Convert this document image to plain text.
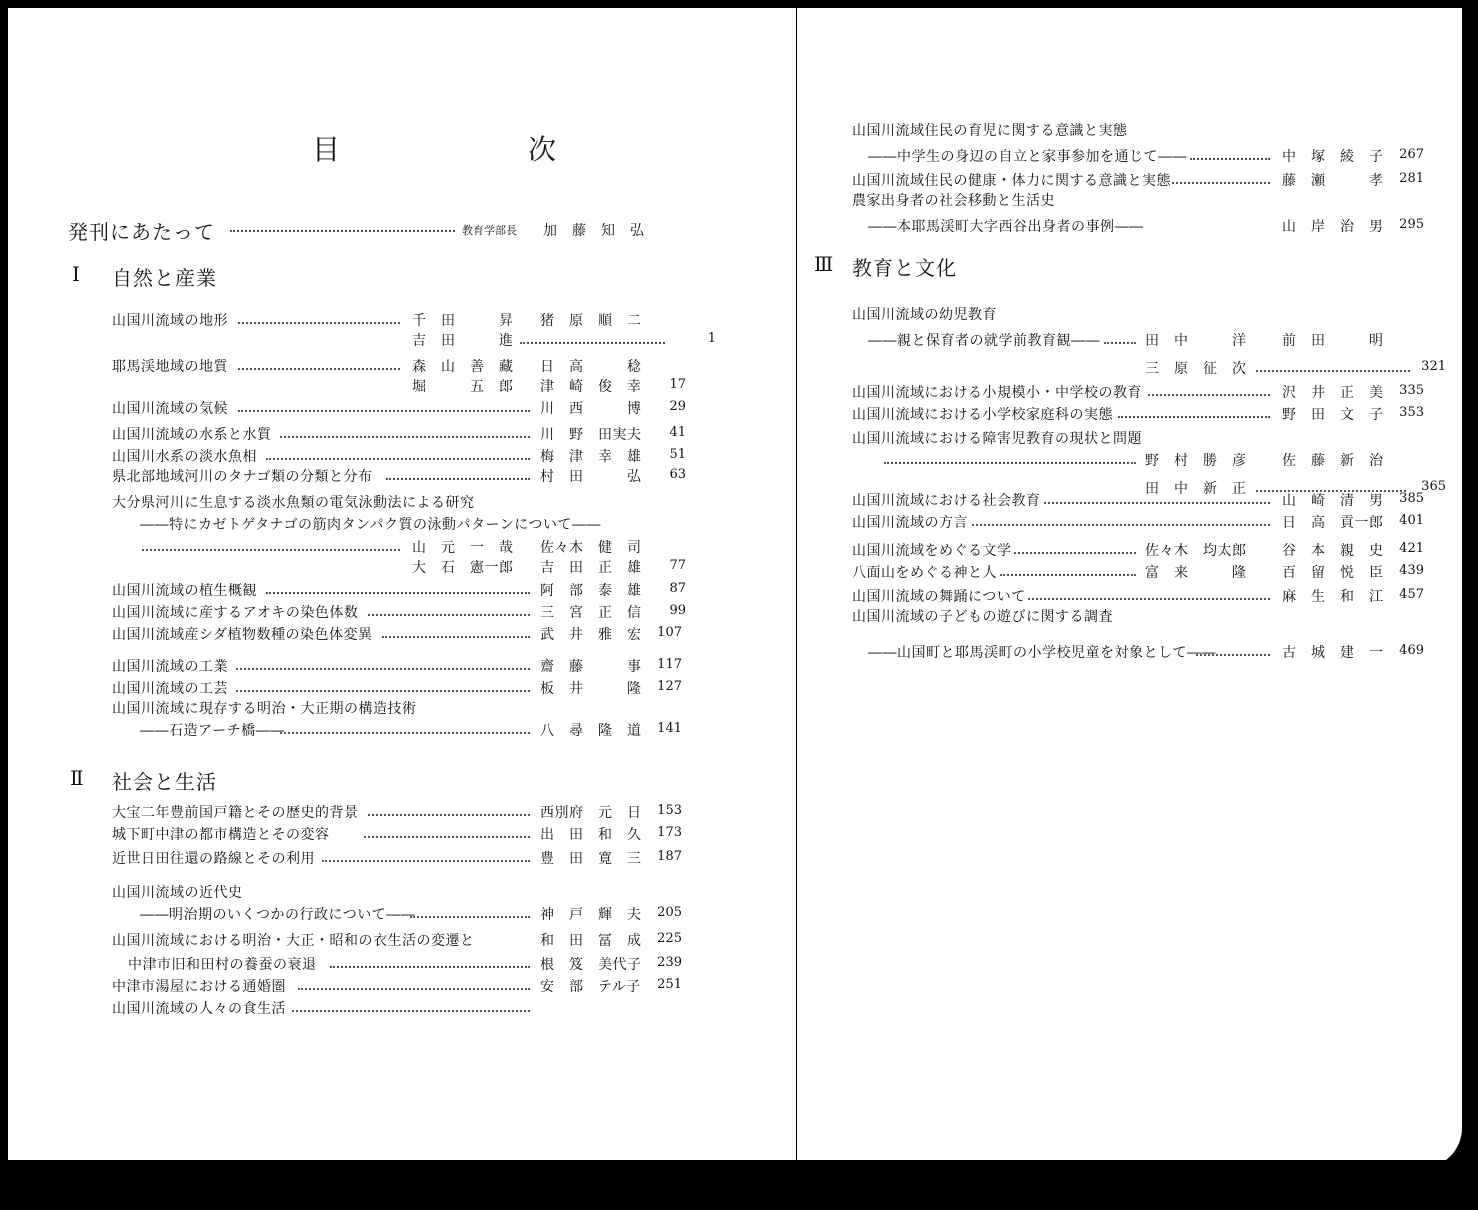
目　次
発刊にあたって	教育学部長 加　藤　知　弘
Ⅰ 自然と産業
Ⅱ 社会と生活
Ⅲ 教育と文化
山国川流域の地形	千　田　　　昇 猪　原　順　二
吉　田　　　進	1
耶馬渓地域の地質	森　山　善　藏 日　高　　　稔
堀　　　五　郎 津　崎　俊　幸	17
山国川流域の気候	川　西　　　博	29
山国川流域の水系と水質	川　野　田実夫	41
山国川水系の淡水魚相	梅　津　幸　雄	51
県北部地域河川のタナゴ類の分類と分布	村　田　　　弘	63
大分県河川に生息する淡水魚類の電気泳動法による研究
――特にカゼトゲタナゴの筋肉タンパク質の泳動パターンについて――
山　元　一　哉 佐々木　健　司
大　石　憲一郎 吉　田　正　雄	77
山国川流域の植生概観	阿　部　泰　雄	87
山国川流域に産するアオキの染色体数	三　宮　正　信	99
山国川流域産シダ植物数種の染色体変異	武　井　雅　宏	107
山国川流域の工業	齋　藤　　　事	117
山国川流域の工芸	板　井　　　隆	127
山国川流域に現存する明治・大正期の構造技術
――石造アーチ橋――	八　尋　隆　道	141
大宝二年豊前国戸籍とその歴史的背景	西別府　元　日	153
城下町中津の都市構造とその変容	出　田　和　久	173
近世日田往還の路線とその利用	豊　田　寛　三	187
山国川流域の近代史
――明治期のいくつかの行政について――	神　戸　輝　夫	205
山国川流域における明治・大正・昭和の衣生活の変遷と	和　田　冨　成	225
中津市旧和田村の養蚕の衰退	根　笈　美代子	239
中津市湯屋における通婚圏	安　部　テル子	251
山国川流域の人々の食生活
山国川流域住民の育児に関する意識と実態
――中学生の身辺の自立と家事参加を通じて――	中　塚　綾　子	267
山国川流域住民の健康・体力に関する意識と実態	藤　瀬　　　孝	281
農家出身者の社会移動と生活史
――本耶馬渓町大字西谷出身者の事例――	山　岸　治　男	295
山国川流域の幼児教育
――親と保育者の就学前教育観――	田　中　　　洋	前　田　　　明
三　原　征　次	321
山国川流域における小規模小・中学校の教育	沢　井　正　美	335
山国川流域における小学校家庭科の実態	野　田　文　子	353
山国川流域における障害児教育の現状と問題
野　村　勝　彦	佐　藤　新　治
田　中　新　正	365
山国川流域における社会教育	山　崎　清　男	385
山国川流域の方言	日　高　貢一郎	401
山国川流域をめぐる文学	佐々木　均太郎	谷　本　親　史	421
八面山をめぐる神と人	富　来　　　隆	百　留　悦　臣	439
山国川流域の舞踊について	麻　生　和　江	457
山国川流域の子どもの遊びに関する調査
――山国町と耶馬渓町の小学校児童を対象として――	古　城　建　一	469
